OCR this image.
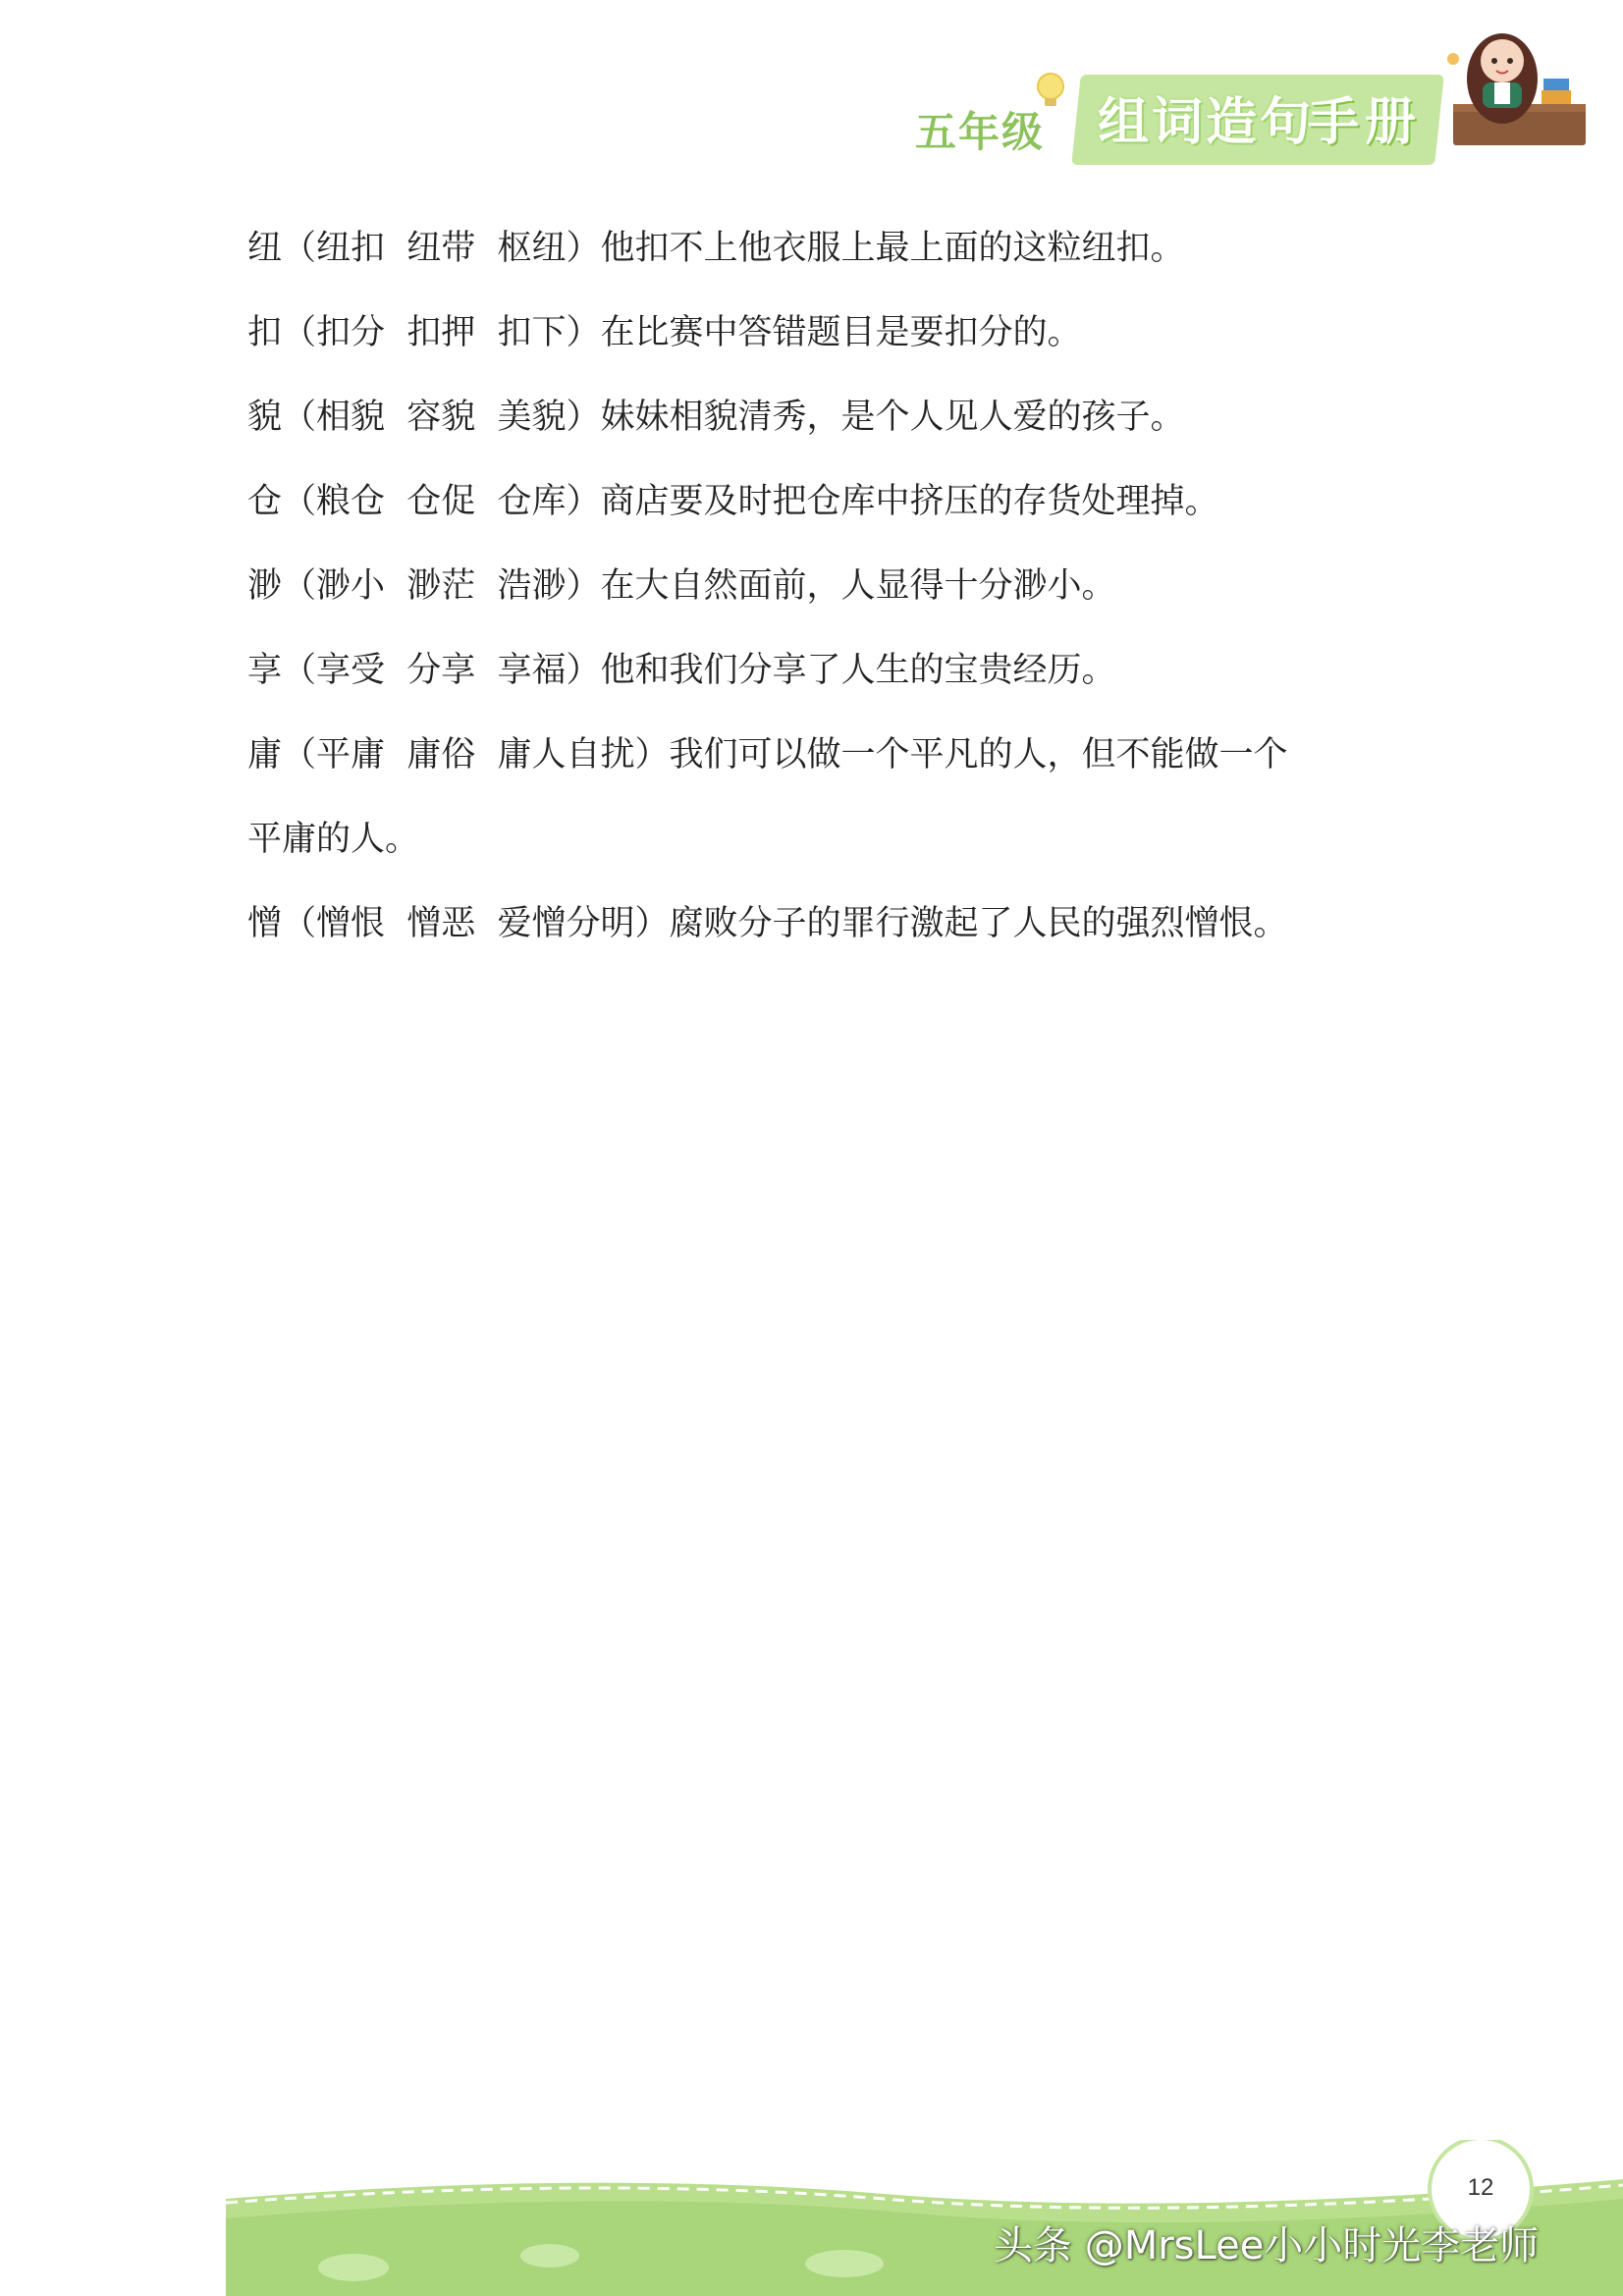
五年级 组词造句
手册

纽（纽扣  纽带  枢纽）他扣不上他衣服上最上面的这粒纽扣。

扣（扣分  扣押  扣下）在比赛中答错题目是要扣分的。

貌（相貌  容貌  美貌）妹妹相貌清秀，是个人见人爱的孩子。

仓（粮仓  仓促  仓库）商店要及时把仓库中挤压的存货处理掉。

渺（渺小  渺茫  浩渺）在大自然面前，人显得十分渺小。

享（享受  分享  享福）他和我们分享了人生的宝贵经历。

庸（平庸  庸俗  庸人自扰）我们可以做一个平凡的人，但不能做一个

平庸的人。

憎（憎恨  憎恶  爱憎分明）腐败分子的罪行激起了人民的强烈憎恨。

12
头条 @MrsLee小小时光李老师
